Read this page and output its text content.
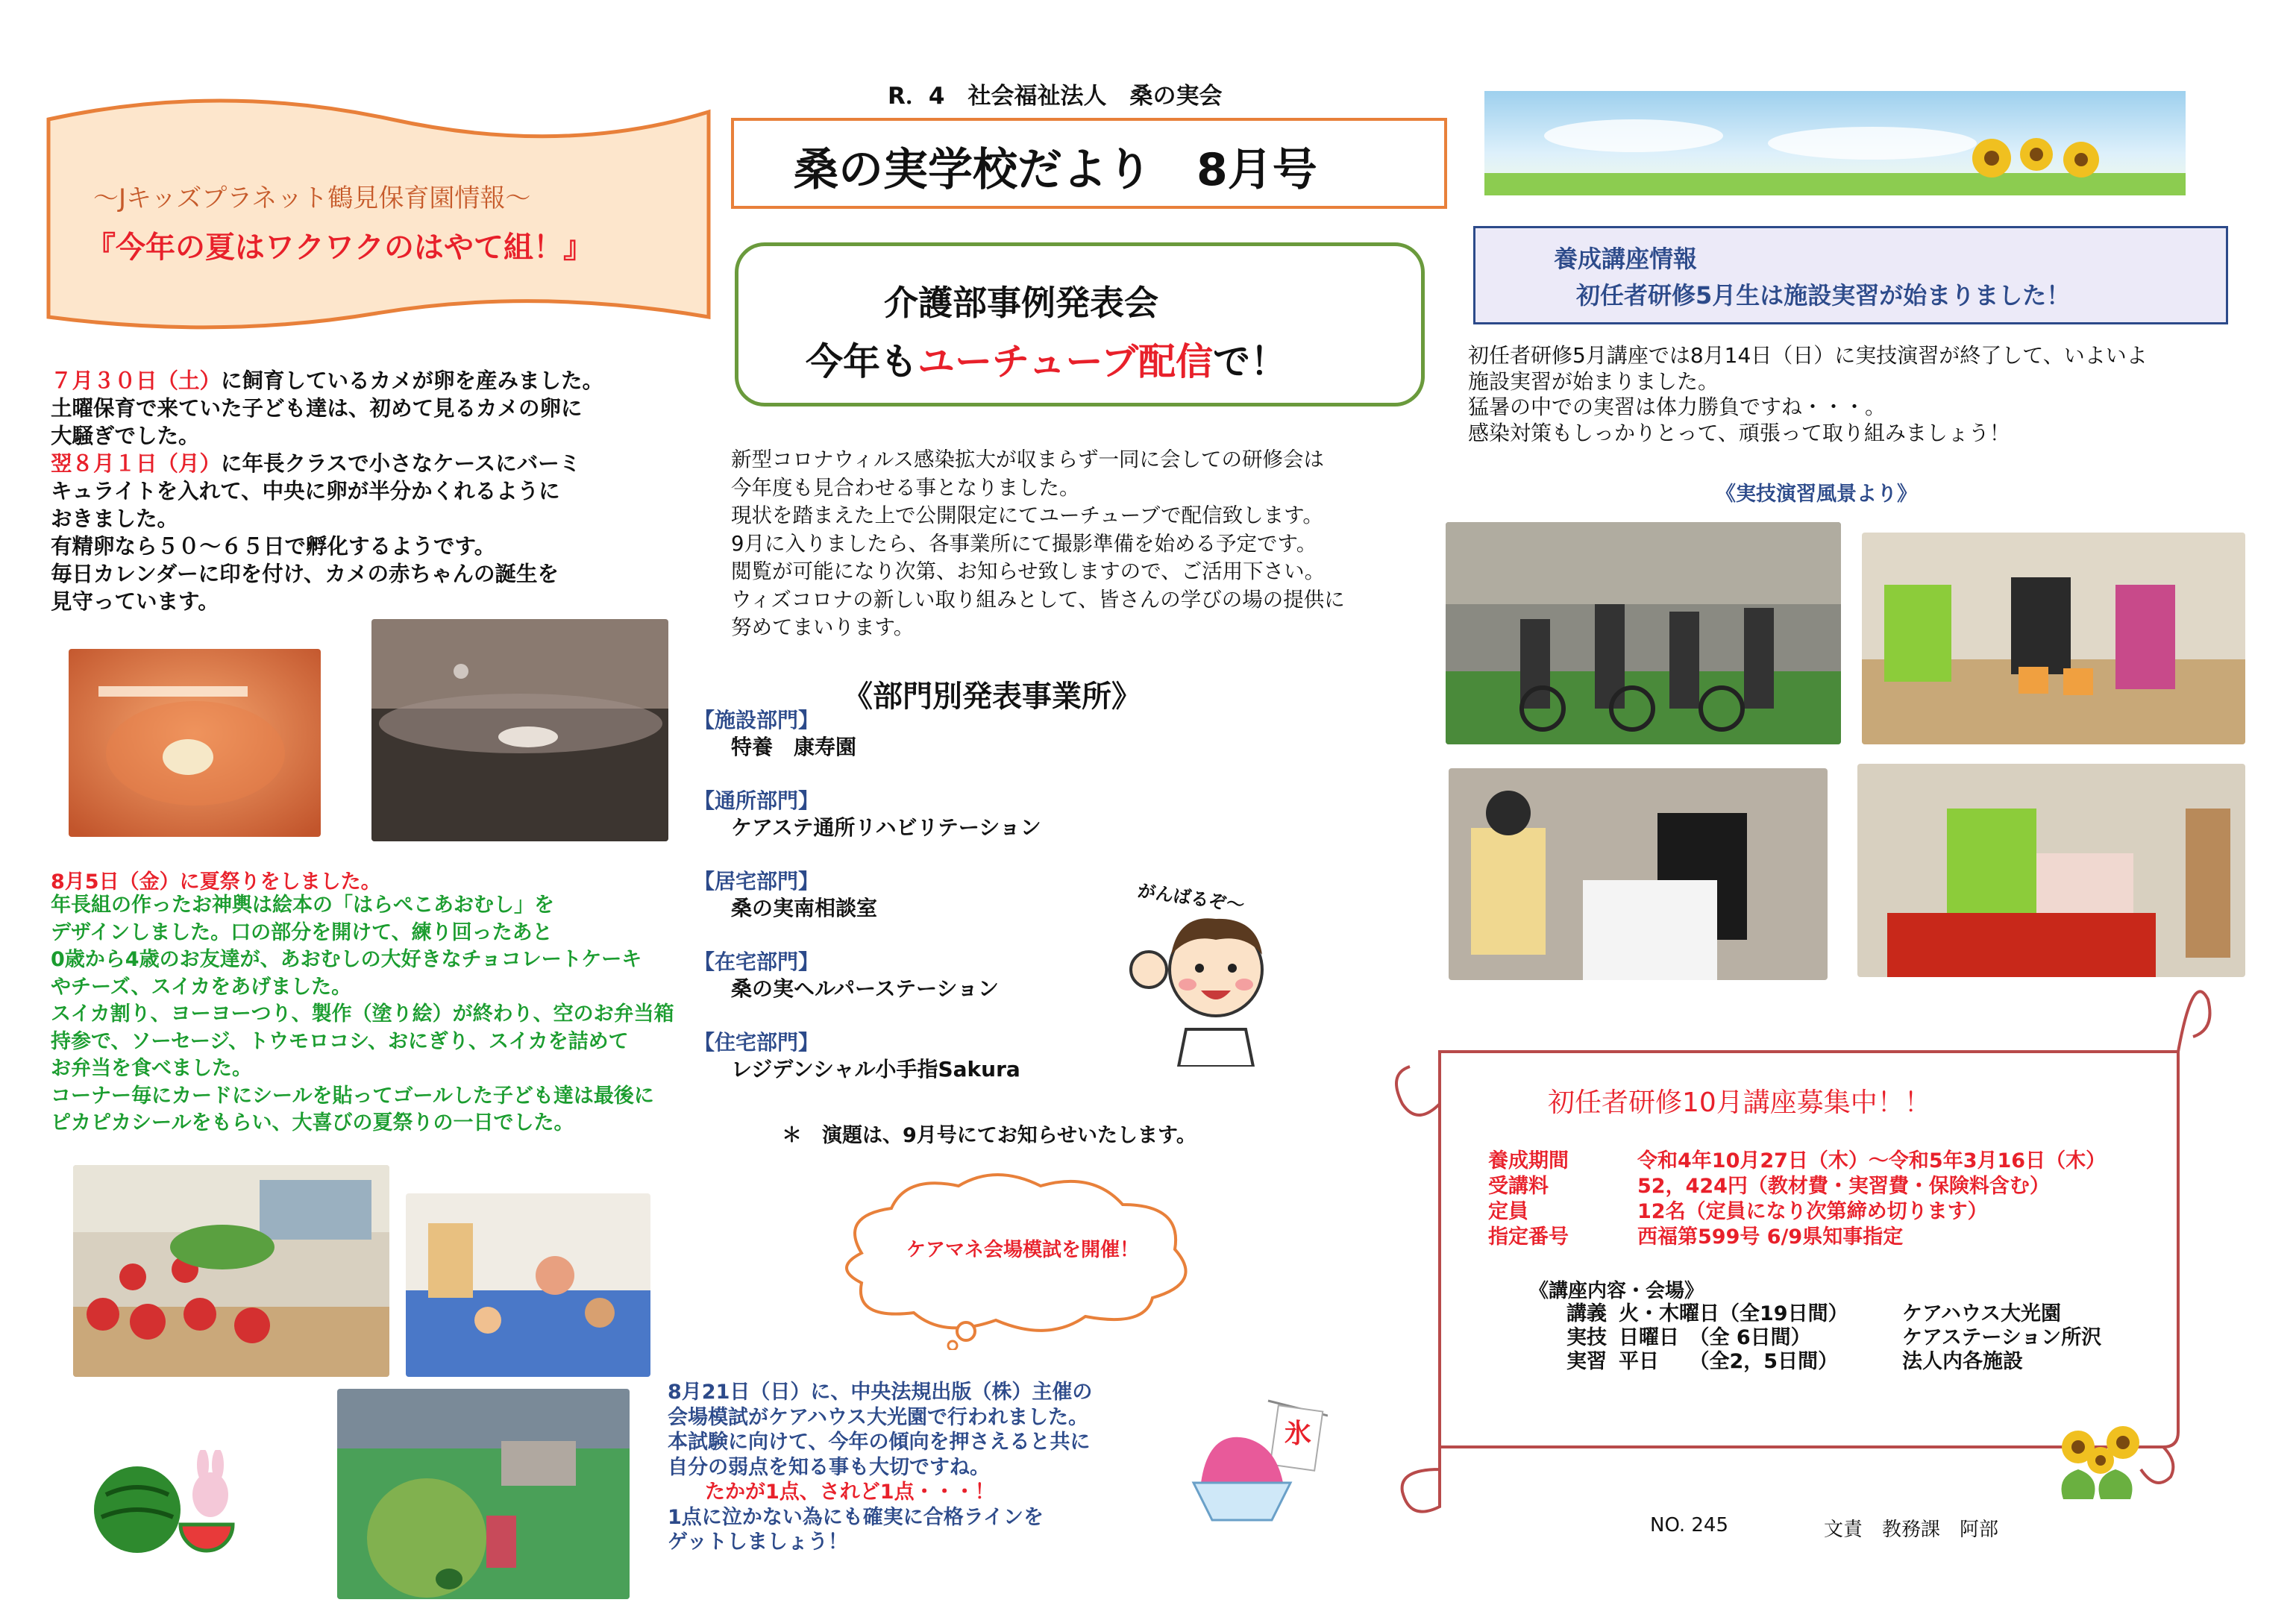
～Jキッズプラネット鶴見保育園情報～
『今年の夏はワクワクのはやて組！』
７月３０日（土）に飼育しているカメが卵を産みました。
土曜保育で来ていた子ども達は、初めて見るカメの卵に
大騒ぎでした。
翌８月１日（月）に年長クラスで小さなケースにバーミ
キュライトを入れて、中央に卵が半分かくれるように
おきました。
有精卵なら５０～６５日で孵化するようです。
毎日カレンダーに印を付け、カメの赤ちゃんの誕生を
見守っています。
8月5日（金）に夏祭りをしました。
年長組の作ったお神輿は絵本の「はらぺこあおむし」を
デザインしました。口の部分を開けて、練り回ったあと
0歳から4歳のお友達が、あおむしの大好きなチョコレートケーキ
やチーズ、スイカをあげました。
スイカ割り、ヨーヨーつり、製作（塗り絵）が終わり、空のお弁当箱
持参で、ソーセージ、トウモロコシ、おにぎり、スイカを詰めて
お弁当を食べました。
コーナー毎にカードにシールを貼ってゴールした子ども達は最後に
ピカピカシールをもらい、大喜びの夏祭りの一日でした。
R．4　社会福祉法人　桑の実会
桑の実学校だより　8月号
介護部事例発表会
今年もユーチューブ配信で！
新型コロナウィルス感染拡大が収まらず一同に会しての研修会は
今年度も見合わせる事となりました。
現状を踏まえた上で公開限定にてユーチューブで配信致します。
9月に入りましたら、各事業所にて撮影準備を始める予定です。
閲覧が可能になり次第、お知らせ致しますので、ご活用下さい。
ウィズコロナの新しい取り組みとして、皆さんの学びの場の提供に
努めてまいります。
《部門別発表事業所》
【施設部門】
特養　康寿園
【通所部門】
ケアステ通所リハビリテーション
【居宅部門】
桑の実南相談室
【在宅部門】
桑の実ヘルパーステーション
【住宅部門】
レジデンシャル小手指Sakura
がんばるぞ～
＊　演題は、9月号にてお知らせいたします。
ケアマネ会場模試を開催！
8月21日（日）に、中央法規出版（株）主催の
会場模試がケアハウス大光園で行われました。
本試験に向けて、今年の傾向を押さえると共に
自分の弱点を知る事も大切ですね。
たかが1点、されど1点・・・！
1点に泣かない為にも確実に合格ラインを
ゲットしましょう！
氷
養成講座情報
初任者研修5月生は施設実習が始まりました！
初任者研修5月講座では8月14日（日）に実技演習が終了して、いよいよ
施設実習が始まりました。
猛暑の中での実習は体力勝負ですね・・・。
感染対策もしっかりとって、頑張って取り組みましょう！
《実技演習風景より》
初任者研修10月講座募集中！！
養成期間	令和4年10月27日（木）～令和5年3月16日（木）
受講料	52，424円（教材費・実習費・保険料含む）
定員	12名（定員になり次第締め切ります）
指定番号	西福第599号 6/9県知事指定
《講座内容・会場》
講義 火・木曜日（全19日間）	ケアハウス大光園
実技 日曜日　（全 6日間）	ケアステーション所沢
実習 平日　　（全2，5日間）	法人内各施設
NO. 245	文責　教務課　阿部
